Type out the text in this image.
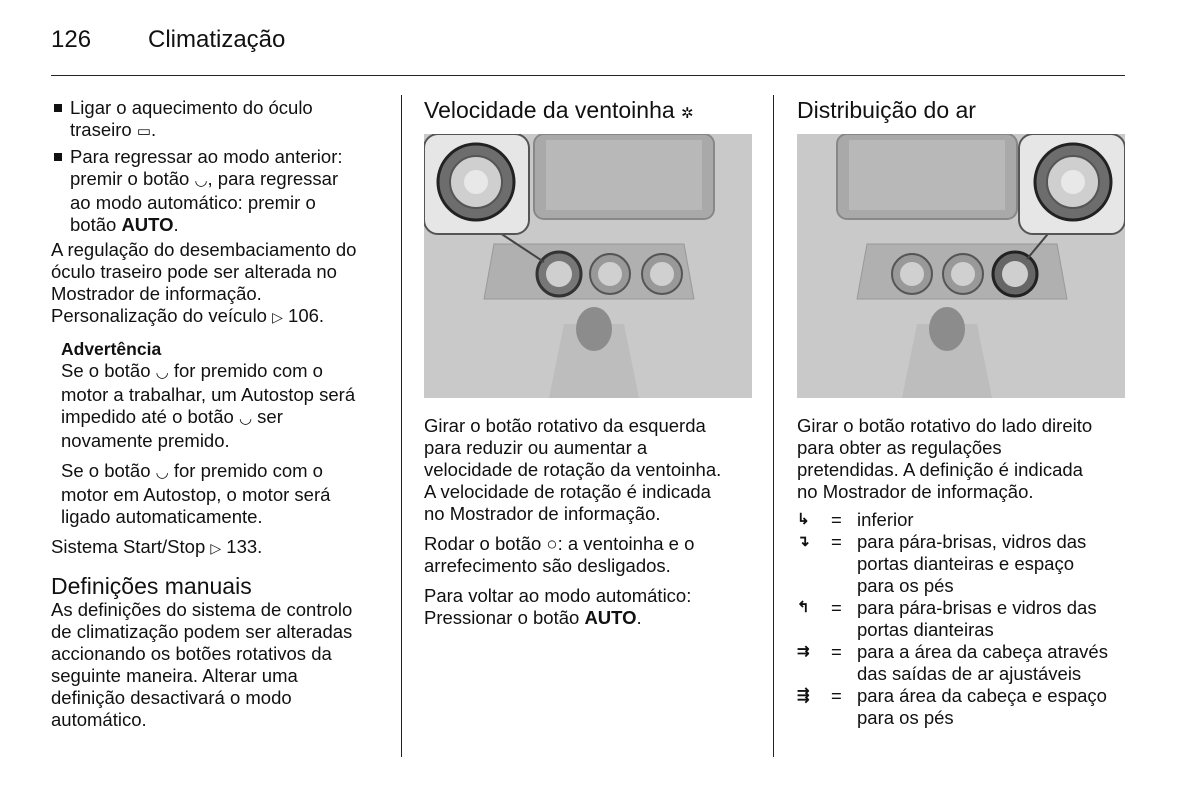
126 Climatização

Ligar o aquecimento do óculo

traseiro ▭.

Para regressar ao modo anterior:

premir o botão ◡, para regressar

ao modo automático: premir o

botão AUTO.

A regulação do desembaciamento do

óculo traseiro pode ser alterada no

Mostrador de informação.

Personalização do veículo ▷ 106.

Advertência

Se o botão ◡ for premido com o

motor a trabalhar, um Autostop será

impedido até o botão ◡ ser

novamente premido.

Se o botão ◡ for premido com o

motor em Autostop, o motor será

ligado automaticamente.

Sistema Start/Stop ▷ 133.

Definições manuais

As definições do sistema de controlo

de climatização podem ser alteradas

accionando os botões rotativos da

seguinte maneira. Alterar uma

definição desactivará o modo

automático.

Velocidade da ventoinha ✲

Girar o botão rotativo da esquerda

para reduzir ou aumentar a

velocidade de rotação da ventoinha.

A velocidade de rotação é indicada

no Mostrador de informação.

Rodar o botão ○: a ventoinha e o

arrefecimento são desligados.

Para voltar ao modo automático:

Pressionar o botão AUTO.

Distribuição do ar

Girar o botão rotativo do lado direito

para obter as regulações

pretendidas. A definição é indicada

no Mostrador de informação.

↳	= inferior

↴	= para pára-brisas, vidros das

portas dianteiras e espaço

para os pés

↰	= para pára-brisas e vidros das

portas dianteiras

⇉	= para a área da cabeça através

das saídas de ar ajustáveis

⇶	= para área da cabeça e espaço

para os pés
